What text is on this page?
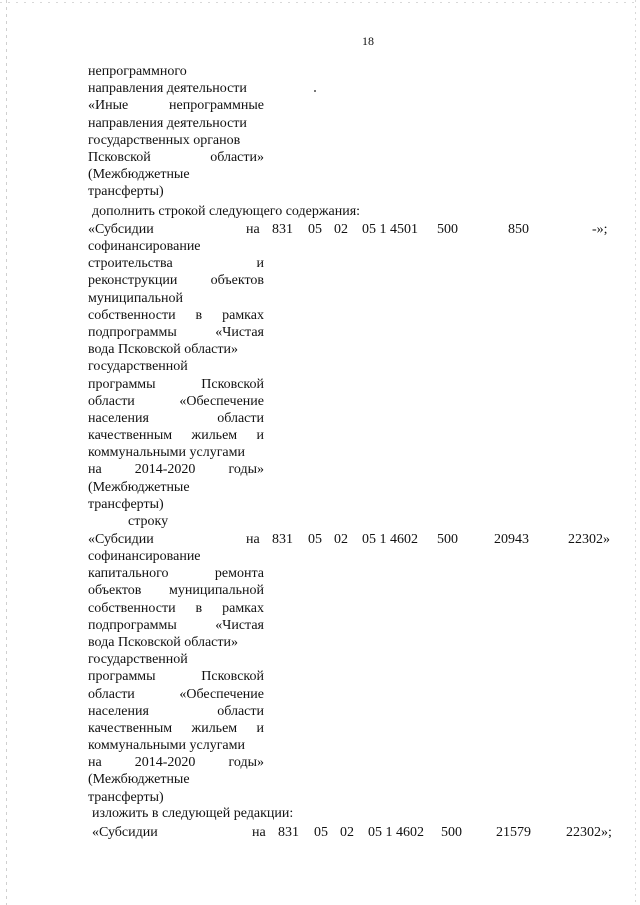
18
непрограммного
направления деятельности
«Иные	непрограммные
направления деятельности
государственных органов
Псковской	области»
(Межбюджетные
трансферты)
дополнить строкой следующего содержания:
«Субсидии	на 831 05 02 05 1 4501 500	850	-»;
софинансирование
строительства	и
реконструкции объектов
муниципальной
собственности в рамках
подпрограммы	«Чистая
вода Псковской области»
государственной
программы	Псковской
области	«Обеспечение
населения	области
качественным жильем и
коммунальными услугами
на 2014-2020 годы»
(Межбюджетные
трансферты)
строку
«Субсидии	на 831 05 02 05 1 4602 500	20943	22302»
софинансирование
капитального	ремонта
объектов муниципальной
собственности в рамках
подпрограммы	«Чистая
вода Псковской области»
государственной
программы	Псковской
области	«Обеспечение
населения	области
качественным жильем и
коммунальными услугами
на 2014-2020 годы»
(Межбюджетные
трансферты)
изложить в следующей редакции:
«Субсидии	на 831 05 02 05 1 4602 500 21579	22302»;
